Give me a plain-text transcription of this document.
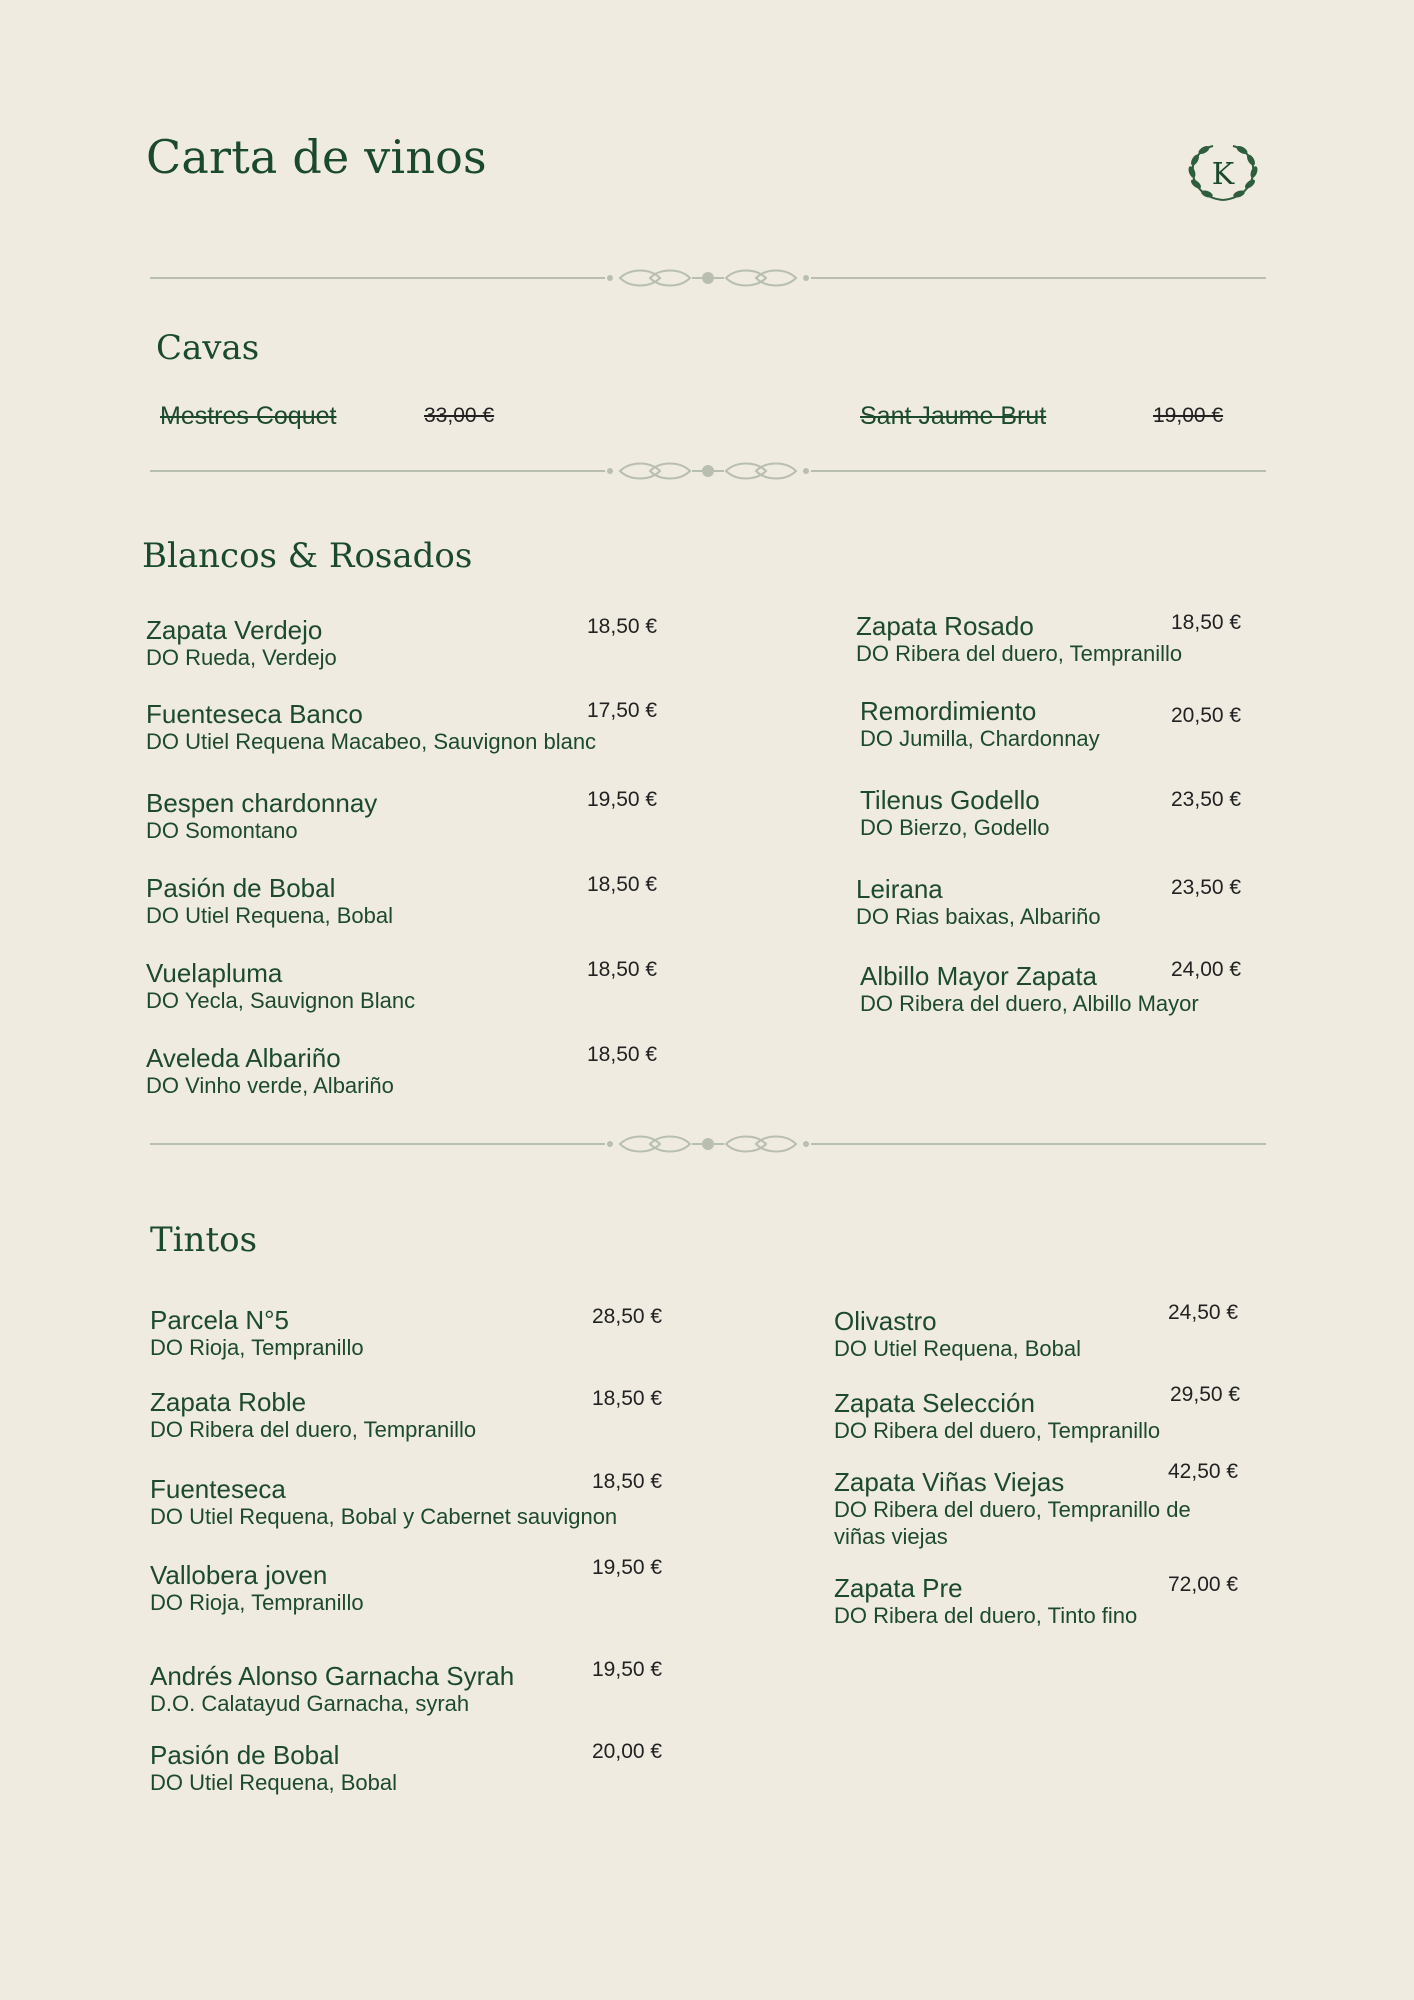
Carta de vinos	K
Cavas
Mestres Coquet	33,00 €	Sant Jaume Brut	19,00 €
Blancos & Rosados
Zapata Verdejo
DO Rueda, Verdejo
18,50 €
Fuenteseca Banco
DO Utiel Requena Macabeo, Sauvignon blanc
17,50 €
Bespen chardonnay
DO Somontano
19,50 €
Pasión de Bobal
DO Utiel Requena, Bobal
18,50 €
Vuelapluma
DO Yecla, Sauvignon Blanc
18,50 €
Aveleda Albariño
DO Vinho verde, Albariño
18,50 €
Zapata Rosado
DO Ribera del duero, Tempranillo
18,50 €
Remordimiento
DO Jumilla, Chardonnay
20,50 €
Tilenus Godello
DO Bierzo, Godello
23,50 €
Leirana
DO Rias baixas, Albariño
23,50 €
Albillo Mayor Zapata
DO Ribera del duero, Albillo Mayor
24,00 €
Tintos
Parcela N°5
DO Rioja, Tempranillo
28,50 €
Zapata Roble
DO Ribera del duero, Tempranillo
18,50 €
Fuenteseca
DO Utiel Requena, Bobal y Cabernet sauvignon
18,50 €
Vallobera joven
DO Rioja, Tempranillo
19,50 €
Andrés Alonso Garnacha Syrah
D.O. Calatayud Garnacha, syrah
19,50 €
Pasión de Bobal
DO Utiel Requena, Bobal
20,00 €
Olivastro
DO Utiel Requena, Bobal
24,50 €
Zapata Selección
DO Ribera del duero, Tempranillo
29,50 €
Zapata Viñas Viejas
DO Ribera del duero, Tempranillo de
viñas viejas
42,50 €
Zapata Pre
DO Ribera del duero, Tinto fino
72,00 €
